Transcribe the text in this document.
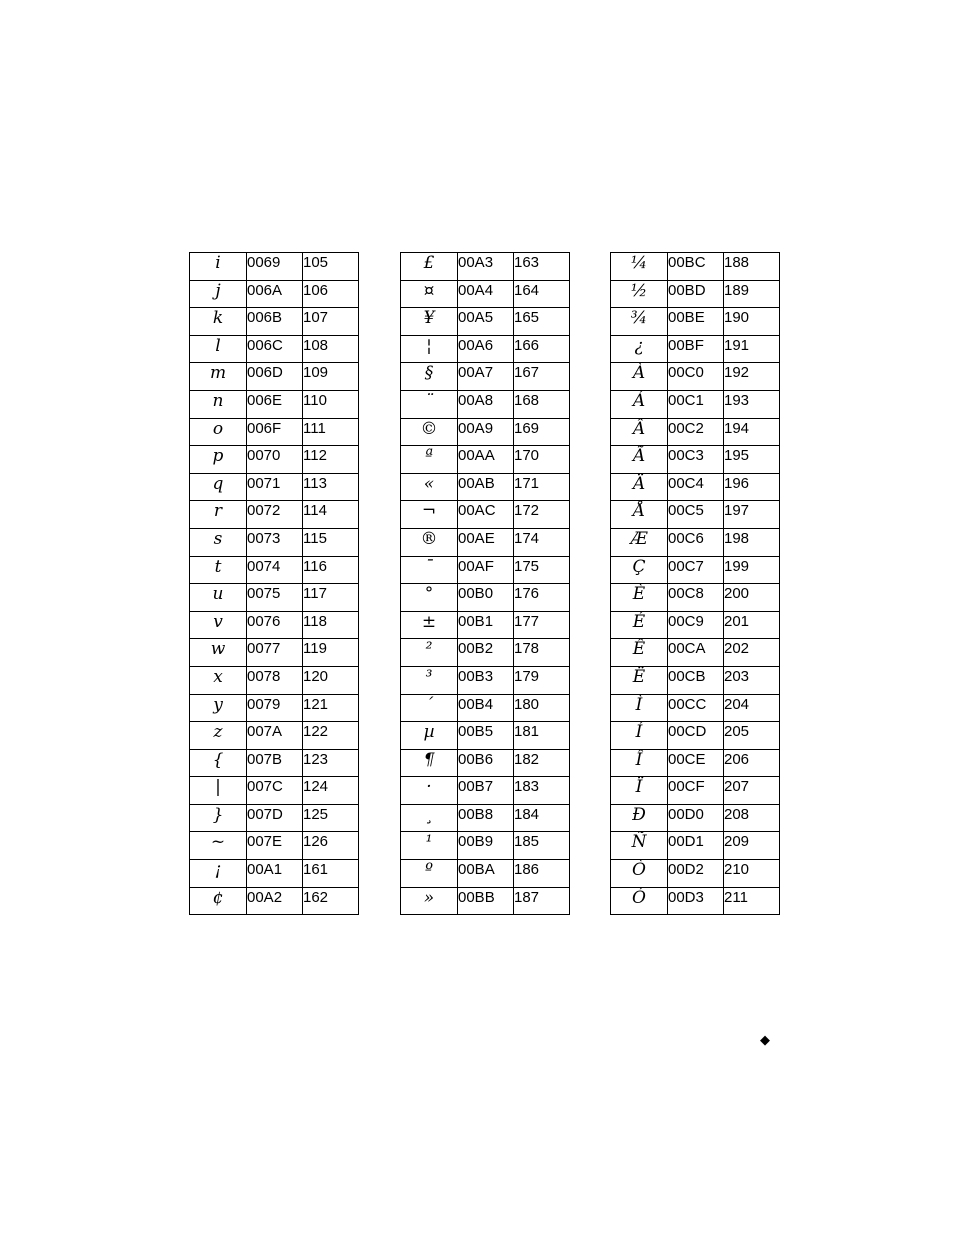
i	0069	105
j	006A	106
k	006B	107
l	006C	108
m	006D	109
n	006E	110
o	006F	111
p	0070	112
q	0071	113
r	0072	114
s	0073	115
t	0074	116
u	0075	117
v	0076	118
w	0077	119
x	0078	120
y	0079	121
z	007A	122
{	007B	123
|	007C	124
}	007D	125
~	007E	126
¡	00A1	161
¢	00A2	162
£	00A3	163
¤	00A4	164
¥	00A5	165
¦	00A6	166
§	00A7	167
¨	00A8	168
©	00A9	169
ª	00AA	170
«	00AB	171
¬	00AC	172
®	00AE	174
¯	00AF	175
°	00B0	176
±	00B1	177
²	00B2	178
³	00B3	179
´	00B4	180
µ	00B5	181
¶	00B6	182
·	00B7	183
¸	00B8	184
¹	00B9	185
º	00BA	186
»	00BB	187
¼	00BC	188
½	00BD	189
¾	00BE	190
¿	00BF	191
À	00C0	192
Á	00C1	193
Â	00C2	194
Ã	00C3	195
Ä	00C4	196
Å	00C5	197
Æ	00C6	198
Ç	00C7	199
È	00C8	200
É	00C9	201
Ê	00CA	202
Ë	00CB	203
Ì	00CC	204
Í	00CD	205
Î	00CE	206
Ï	00CF	207
Ð	00D0	208
Ñ	00D1	209
Ò	00D2	210
Ó	00D3	211
◆
